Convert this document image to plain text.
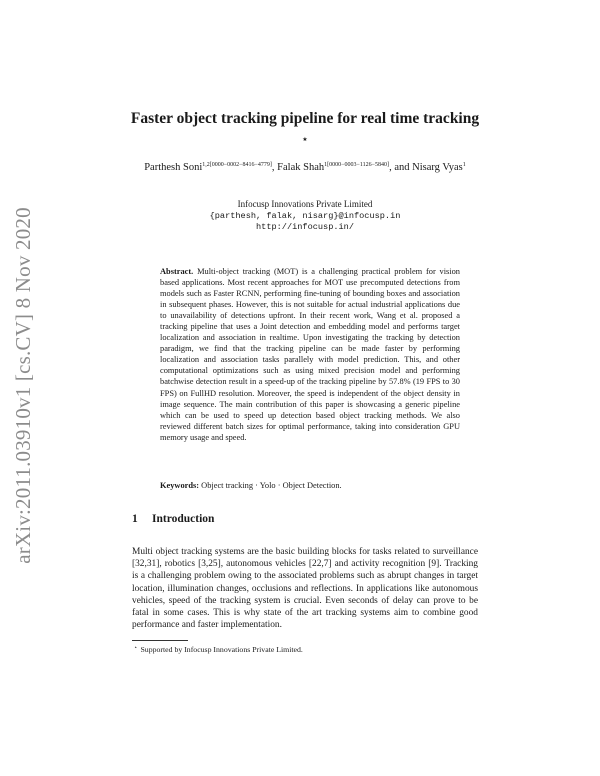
arXiv:2011.03910v1 [cs.CV] 8 Nov 2020
Faster object tracking pipeline for real time tracking ⋆
Parthesh Soni$^{1,2[0000-0002-8416-4779]}$, Falak Shah$^{1[0000-0003-1126-5840]}$, and Nisarg Vyas$^1$
Infocusp Innovations Private Limited
{parthesh, falak, nisarg}@infocusp.in
http://infocusp.in/
Abstract. Multi-object tracking (MOT) is a challenging practical problem for vision based applications. Most recent approaches for MOT use precomputed detections from models such as Faster RCNN, performing fine-tuning of bounding boxes and association in subsequent phases. However, this is not suitable for actual industrial applications due to unavailability of detections upfront. In their recent work, Wang et al. proposed a tracking pipeline that uses a Joint detection and embedding model and performs target localization and association in realtime. Upon investigating the tracking by detection paradigm, we find that the tracking pipeline can be made faster by performing localization and association tasks parallely with model prediction. This, and other computational optimizations such as using mixed precision model and performing batchwise detection result in a speed-up of the tracking pipeline by 57.8% (19 FPS to 30 FPS) on FullHD resolution. Moreover, the speed is independent of the object density in image sequence. The main contribution of this paper is showcasing a generic pipeline which can be used to speed up detection based object tracking methods. We also reviewed different batch sizes for optimal performance, taking into consideration GPU memory usage and speed.
Keywords: Object tracking · Yolo · Object Detection.
1 Introduction
Multi object tracking systems are the basic building blocks for tasks related to surveillance [32,31], robotics [3,25], autonomous vehicles [22,7] and activity recognition [9]. Tracking is a challenging problem owing to the associated problems such as abrupt changes in target location, illumination changes, occlusions and reflections. In applications like autonomous vehicles, speed of the tracking system is crucial. Even seconds of delay can prove to be fatal in some cases. This is why state of the art tracking systems aim to combine good performance and faster implementation.
⋆ Supported by Infocusp Innovations Private Limited.
